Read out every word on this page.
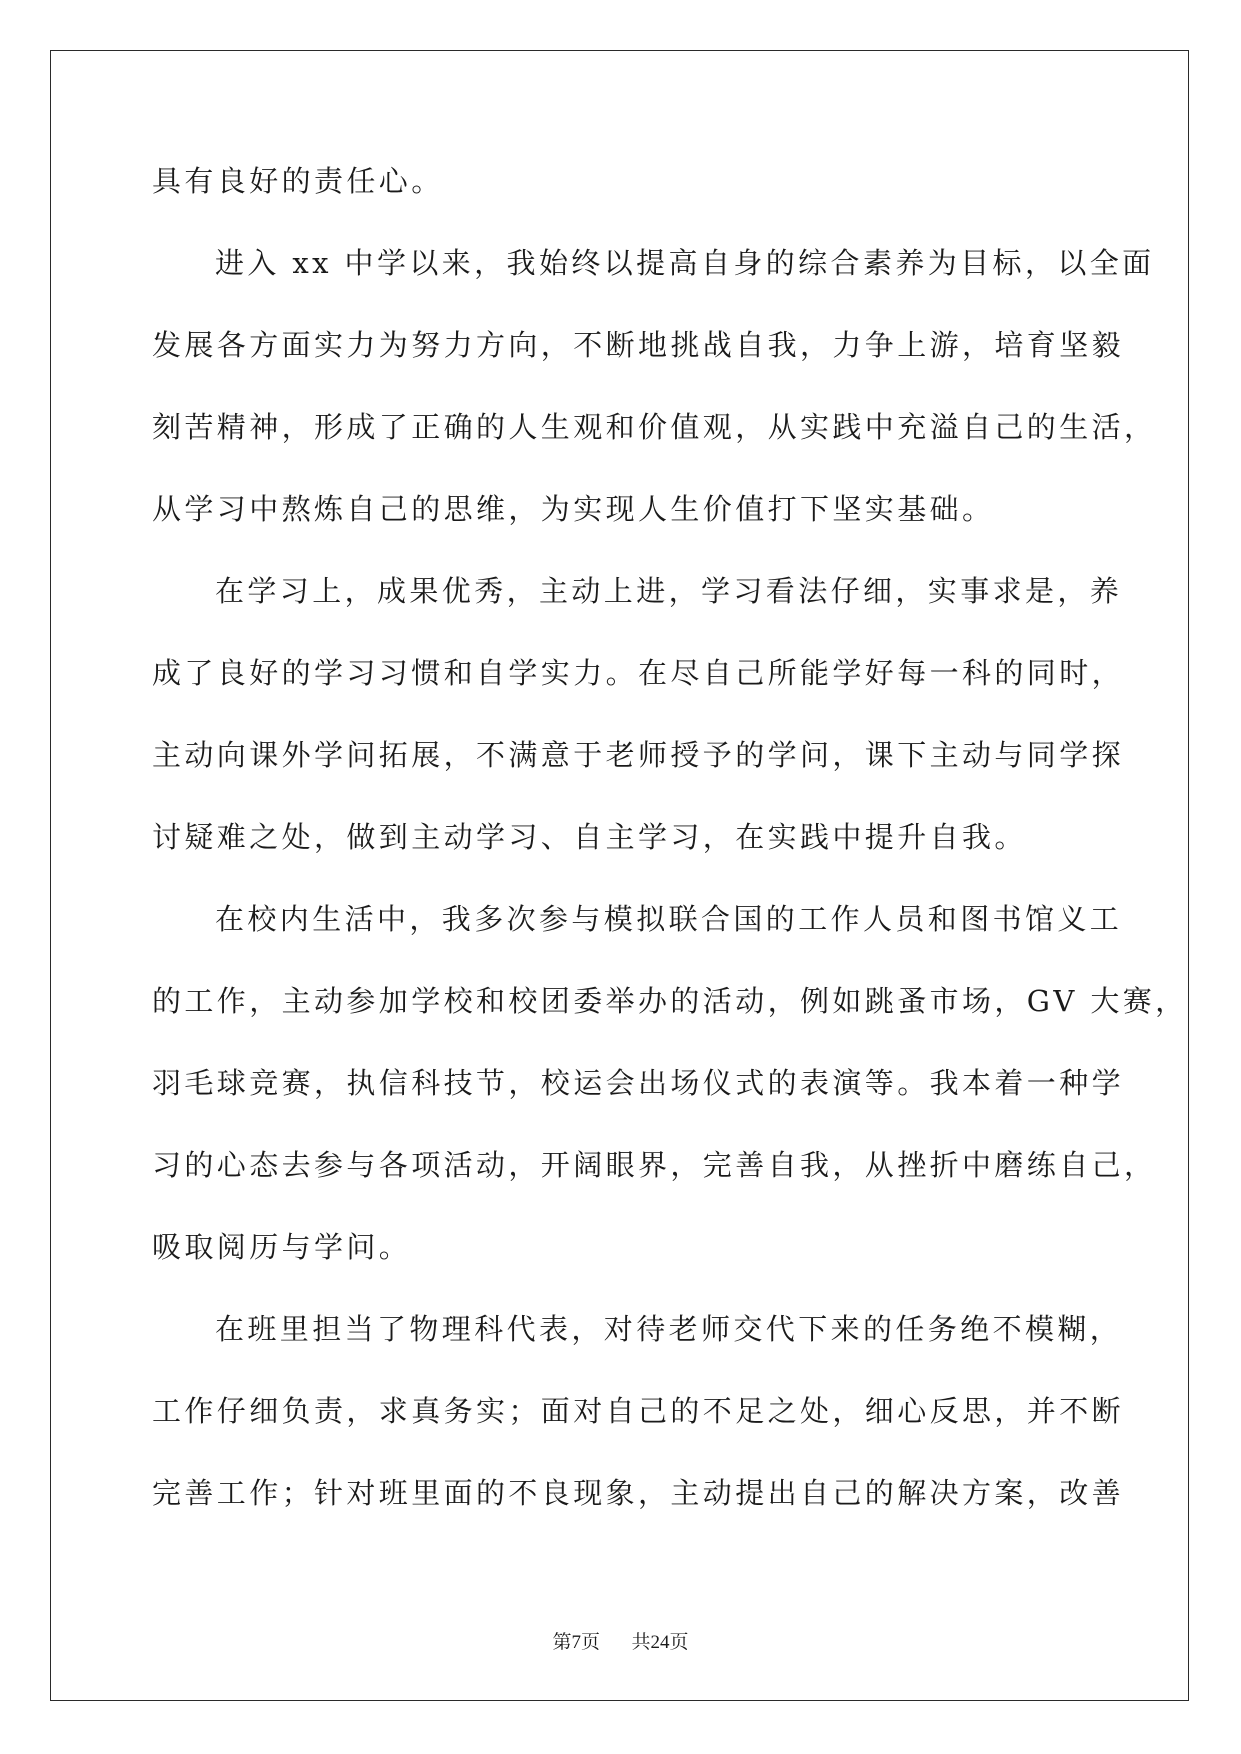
具有良好的责任心。
进入 xx 中学以来，我始终以提高自身的综合素养为目标，以全面
发展各方面实力为努力方向，不断地挑战自我，力争上游，培育坚毅
刻苦精神，形成了正确的人生观和价值观，从实践中充溢自己的生活，
从学习中熬炼自己的思维，为实现人生价值打下坚实基础。
在学习上，成果优秀，主动上进，学习看法仔细，实事求是，养
成了良好的学习习惯和自学实力。在尽自己所能学好每一科的同时，
主动向课外学问拓展，不满意于老师授予的学问，课下主动与同学探
讨疑难之处，做到主动学习、自主学习，在实践中提升自我。
在校内生活中，我多次参与模拟联合国的工作人员和图书馆义工
的工作，主动参加学校和校团委举办的活动，例如跳蚤市场，GV 大赛，
羽毛球竞赛，执信科技节，校运会出场仪式的表演等。我本着一种学
习的心态去参与各项活动，开阔眼界，完善自我，从挫折中磨练自己，
吸取阅历与学问。
在班里担当了物理科代表，对待老师交代下来的任务绝不模糊，
工作仔细负责，求真务实；面对自己的不足之处，细心反思，并不断
完善工作；针对班里面的不良现象，主动提出自己的解决方案，改善
第7页 共24页
